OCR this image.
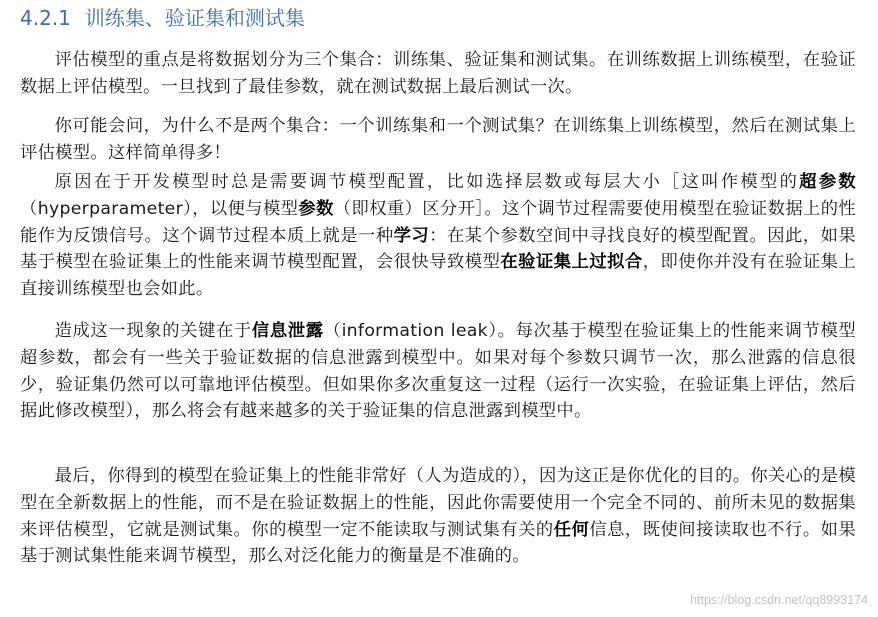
4.2.1 训练集、验证集和测试集

评估模型的重点是将数据划分为三个集合：训练集、验证集和测试集。在训练数据上训练模型，在验证数据上评估模型。一旦找到了最佳参数，就在测试数据上最后测试一次。

你可能会问，为什么不是两个集合：一个训练集和一个测试集？在训练集上训练模型，然后在测试集上评估模型。这样简单得多！

原因在于开发模型时总是需要调节模型配置，比如选择层数或每层大小［这叫作模型的超参数（hyperparameter），以便与模型参数（即权重）区分开］。这个调节过程需要使用模型在验证数据上的性能作为反馈信号。这个调节过程本质上就是一种学习：在某个参数空间中寻找良好的模型配置。因此，如果基于模型在验证集上的性能来调节模型配置，会很快导致模型在验证集上过拟合，即使你并没有在验证集上直接训练模型也会如此。

造成这一现象的关键在于信息泄露（information leak）。每次基于模型在验证集上的性能来调节模型超参数，都会有一些关于验证数据的信息泄露到模型中。如果对每个参数只调节一次，那么泄露的信息很少，验证集仍然可以可靠地评估模型。但如果你多次重复这一过程（运行一次实验，在验证集上评估，然后据此修改模型），那么将会有越来越多的关于验证集的信息泄露到模型中。

最后，你得到的模型在验证集上的性能非常好（人为造成的），因为这正是你优化的目的。你关心的是模型在全新数据上的性能，而不是在验证数据上的性能，因此你需要使用一个完全不同的、前所未见的数据集来评估模型，它就是测试集。你的模型一定不能读取与测试集有关的任何信息，既使间接读取也不行。如果基于测试集性能来调节模型，那么对泛化能力的衡量是不准确的。

https://blog.csdn.net/qq8993174
